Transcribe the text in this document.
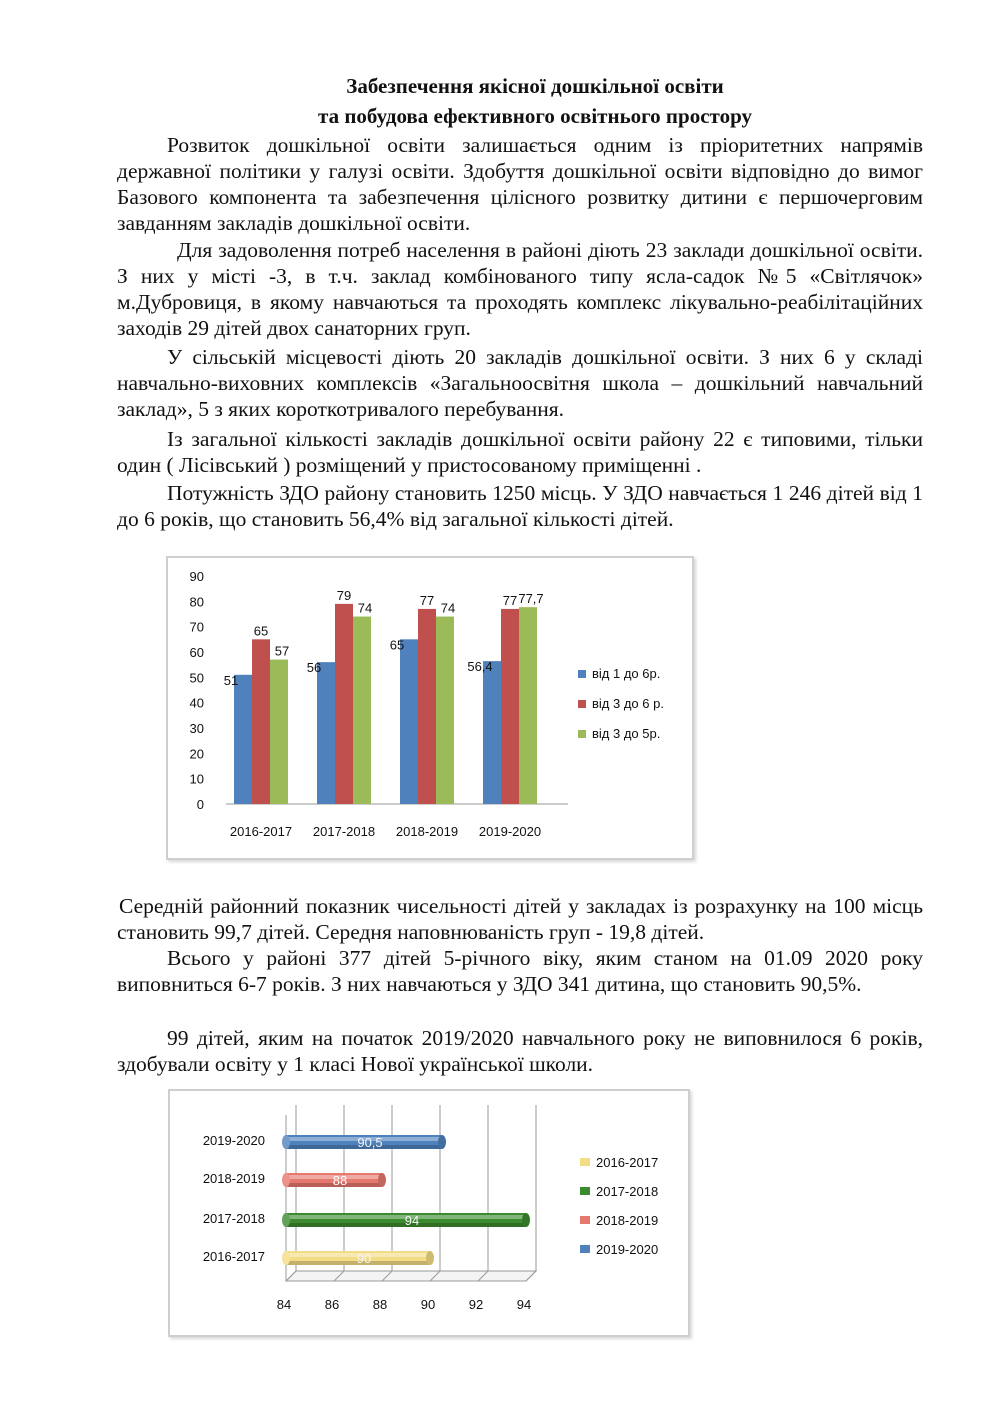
Забезпечення якісної дошкільної освіти

та побудова ефективного освітнього простору

Розвиток дошкільної освіти залишається одним із пріоритетних напрямів державної політики у галузі освіти. Здобуття дошкільної освіти відповідно до вимог Базового компонента та забезпечення цілісного розвитку дитини є першочерговим завданням закладів дошкільної освіти.

Для задоволення потреб населення в районі діють 23 заклади дошкільної освіти. З них у місті -3, в т.ч. заклад комбінованого типу ясла-садок №5 «Світлячок» м.Дубровиця, в якому навчаються та проходять комплекс лікувально-реабілітаційних заходів 29 дітей двох санаторних груп.

У сільській місцевості діють 20 закладів дошкільної освіти. З них 6 у складі навчально-виховних комплексів «Загальноосвітня школа – дошкільний навчальний заклад», 5 з яких короткотривалого перебування.

Із загальної кількості закладів дошкільної освіти району 22 є типовими, тільки один ( Лісівський ) розміщений у пристосованому приміщенні .

Потужність ЗДО району становить 1250 місць. У ЗДО навчається 1 246 дітей від 1 до 6 років, що становить 56,4% від загальної кількості дітей.

0
10
20
30
40
50
60
70
80
90
2016-2017
51
65
57
2017-2018
56
79
74
2018-2019
65
77
74
2019-2020
56,4
77 77,7
від 1 до 6р.
від 3 до 6 р.
від 3 до 5р.

Середній районний показник чисельності дітей у закладах із розрахунку на 100 місць становить 99,7 дітей. Середня наповнюваність груп - 19,8 дітей.

Всього у районі 377 дітей 5-річного віку, яким станом на 01.09 2020 року виповниться 6-7 років. З них навчаються у ЗДО 341 дитина, що становить 90,5%.

99 дітей, яким на початок 2019/2020 навчального року не виповнилося 6 років, здобували освіту у 1 класі Нової української школи.

84	86	88	90	92	94
2016-2017	90
2017-2018	94
2018-2019	88
2019-2020	90,5
2016-2017
2017-2018
2018-2019
2019-2020
